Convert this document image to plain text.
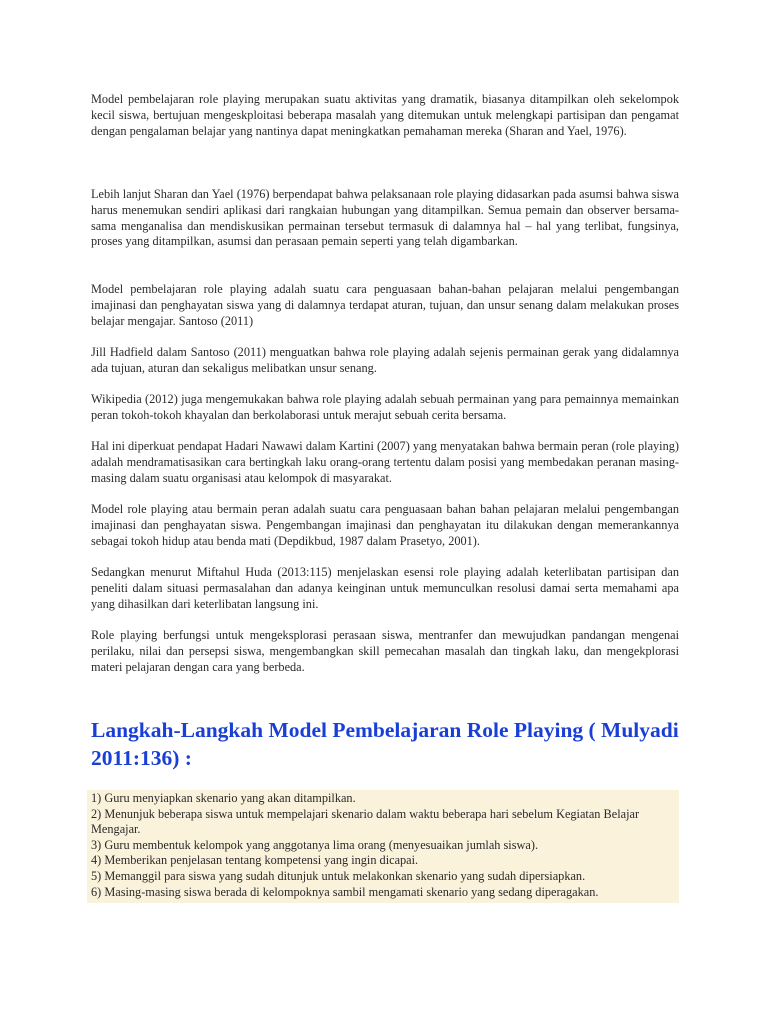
Model pembelajaran role playing merupakan suatu aktivitas yang dramatik, biasanya ditampilkan oleh sekelompok kecil siswa, bertujuan mengeskploitasi beberapa masalah yang ditemukan untuk melengkapi partisipan dan pengamat dengan pengalaman belajar yang nantinya dapat meningkatkan pemahaman mereka (Sharan and Yael, 1976).

Lebih lanjut Sharan dan Yael (1976) berpendapat bahwa pelaksanaan role playing didasarkan pada asumsi bahwa siswa harus menemukan sendiri aplikasi dari rangkaian hubungan yang ditampilkan. Semua pemain dan observer bersama-sama menganalisa dan mendiskusikan permainan tersebut termasuk di dalamnya hal – hal yang terlibat, fungsinya, proses yang ditampilkan, asumsi dan perasaan pemain seperti yang telah digambarkan.

Model pembelajaran role playing adalah suatu cara penguasaan bahan-bahan pelajaran melalui pengembangan imajinasi dan penghayatan siswa yang di dalamnya terdapat aturan, tujuan, dan unsur senang dalam melakukan proses belajar mengajar. Santoso (2011)

Jill Hadfield dalam Santoso (2011) menguatkan bahwa role playing adalah sejenis permainan gerak yang didalamnya ada tujuan, aturan dan sekaligus melibatkan unsur senang.

Wikipedia (2012) juga mengemukakan bahwa role playing adalah sebuah permainan yang para pemainnya memainkan peran tokoh-tokoh khayalan dan berkolaborasi untuk merajut sebuah cerita bersama.

Hal ini diperkuat pendapat Hadari Nawawi dalam Kartini (2007) yang menyatakan bahwa bermain peran (role playing) adalah mendramatisasikan cara bertingkah laku orang-orang tertentu dalam posisi yang membedakan peranan masing-masing dalam suatu organisasi atau kelompok di masyarakat.

Model role playing atau bermain peran adalah suatu cara penguasaan bahan bahan pelajaran melalui pengembangan imajinasi dan penghayatan siswa. Pengembangan imajinasi dan penghayatan itu dilakukan dengan memerankannya sebagai tokoh hidup atau benda mati (Depdikbud, 1987 dalam Prasetyo, 2001).

Sedangkan menurut Miftahul Huda (2013:115) menjelaskan esensi role playing adalah keterlibatan partisipan dan peneliti dalam situasi permasalahan dan adanya keinginan untuk memunculkan resolusi damai serta memahami apa yang dihasilkan dari keterlibatan langsung ini.

Role playing berfungsi untuk mengeksplorasi perasaan siswa, mentranfer dan mewujudkan pandangan mengenai perilaku, nilai dan persepsi siswa, mengembangkan skill pemecahan masalah dan tingkah laku, dan mengekplorasi materi pelajaran dengan cara yang berbeda.

Langkah-Langkah Model Pembelajaran Role Playing ( Mulyadi 2011:136) :
1) Guru menyiapkan skenario yang akan ditampilkan.
2) Menunjuk beberapa siswa untuk mempelajari skenario dalam waktu beberapa hari sebelum Kegiatan Belajar Mengajar.
3) Guru membentuk kelompok yang anggotanya lima orang (menyesuaikan jumlah siswa).
4) Memberikan penjelasan tentang kompetensi yang ingin dicapai.
5) Memanggil para siswa yang sudah ditunjuk untuk melakonkan skenario yang sudah dipersiapkan.
6) Masing-masing siswa berada di kelompoknya sambil mengamati skenario yang sedang diperagakan.
